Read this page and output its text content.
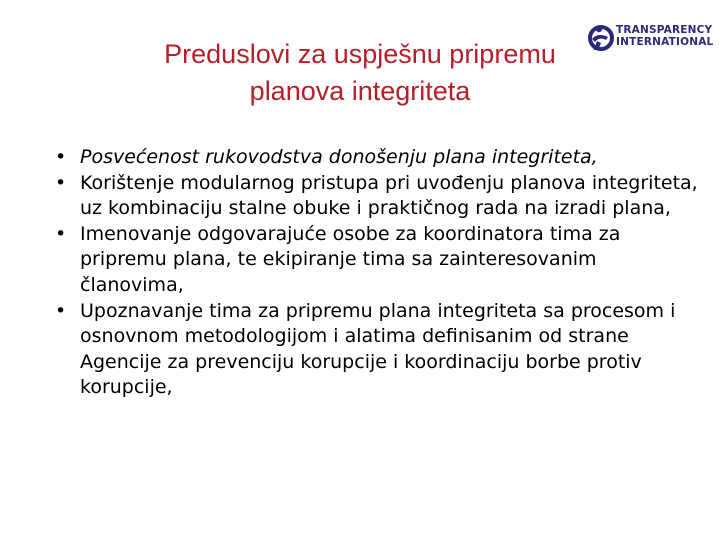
Preduslovi za uspješnu pripremu
planova integriteta
TRANSPARENCY
INTERNATIONAL
• Posvećenost rukovodstva donošenju plana integriteta,
• Korištenje modularnog pristupa pri uvođenju planova integriteta, uz kombinaciju stalne obuke i praktičnog rada na izradi plana,
• Imenovanje odgovarajuće osobe za koordinatora tima za pripremu plana, te ekipiranje tima sa zainteresovanim članovima,
• Upoznavanje tima za pripremu plana integriteta sa procesom i osnovnom metodologijom i alatima definisanim od strane Agencije za prevenciju korupcije i koordinaciju borbe protiv korupcije,
